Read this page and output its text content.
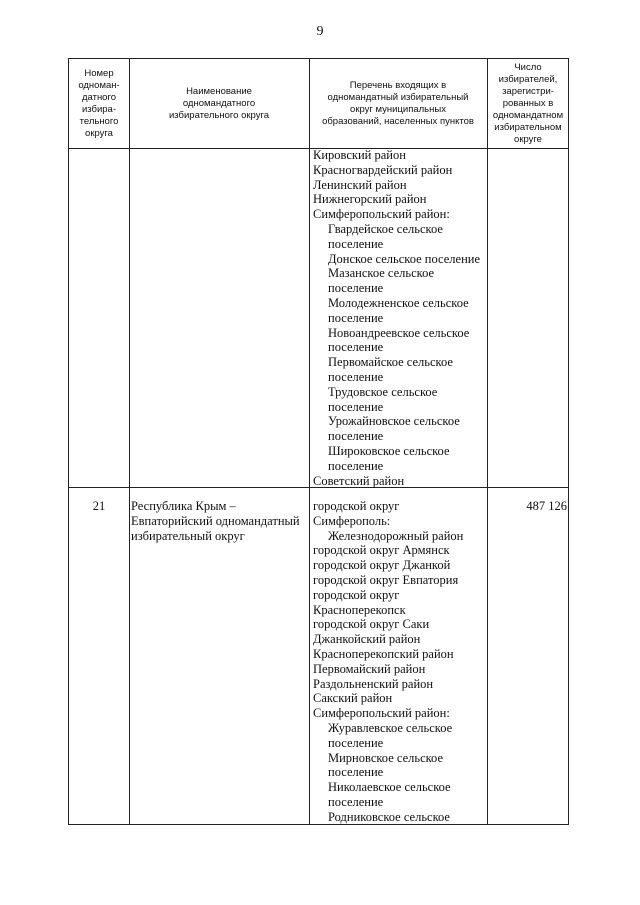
9
Номер
одноман-
датного
избира-
тельного
округа
Наименование
одномандатного
избирательного округа
Перечень входящих в
одномандатный избирательный
округ муниципальных
образований, населенных пунктов
Число
избирателей,
зарегистри-
рованных в
одномандатном
избирательном
округе
Кировский район
Красногвардейский район
Ленинский район
Нижнегорский район
Симферопольский район:
Гвардейское сельское
поселение
Донское сельское поселение
Мазанское сельское
поселение
Молодежненское сельское
поселение
Новоандреевское сельское
поселение
Первомайское сельское
поселение
Трудовское сельское
поселение
Урожайновское сельское
поселение
Широковское сельское
поселение
Советский район
21	Республика Крым –
Евпаторийский одномандатный
избирательный округ
городской округ
Симферополь:
Железнодорожный район
городской округ Армянск
городской округ Джанкой
городской округ Евпатория
городской округ
Красноперекопск
городской округ Саки
Джанкойский район
Красноперекопский район
Первомайский район
Раздольненский район
Сакский район
Симферопольский район:
Журавлевское сельское
поселение
Мирновское сельское
поселение
Николаевское сельское
поселение
Родниковское сельское
487 126
